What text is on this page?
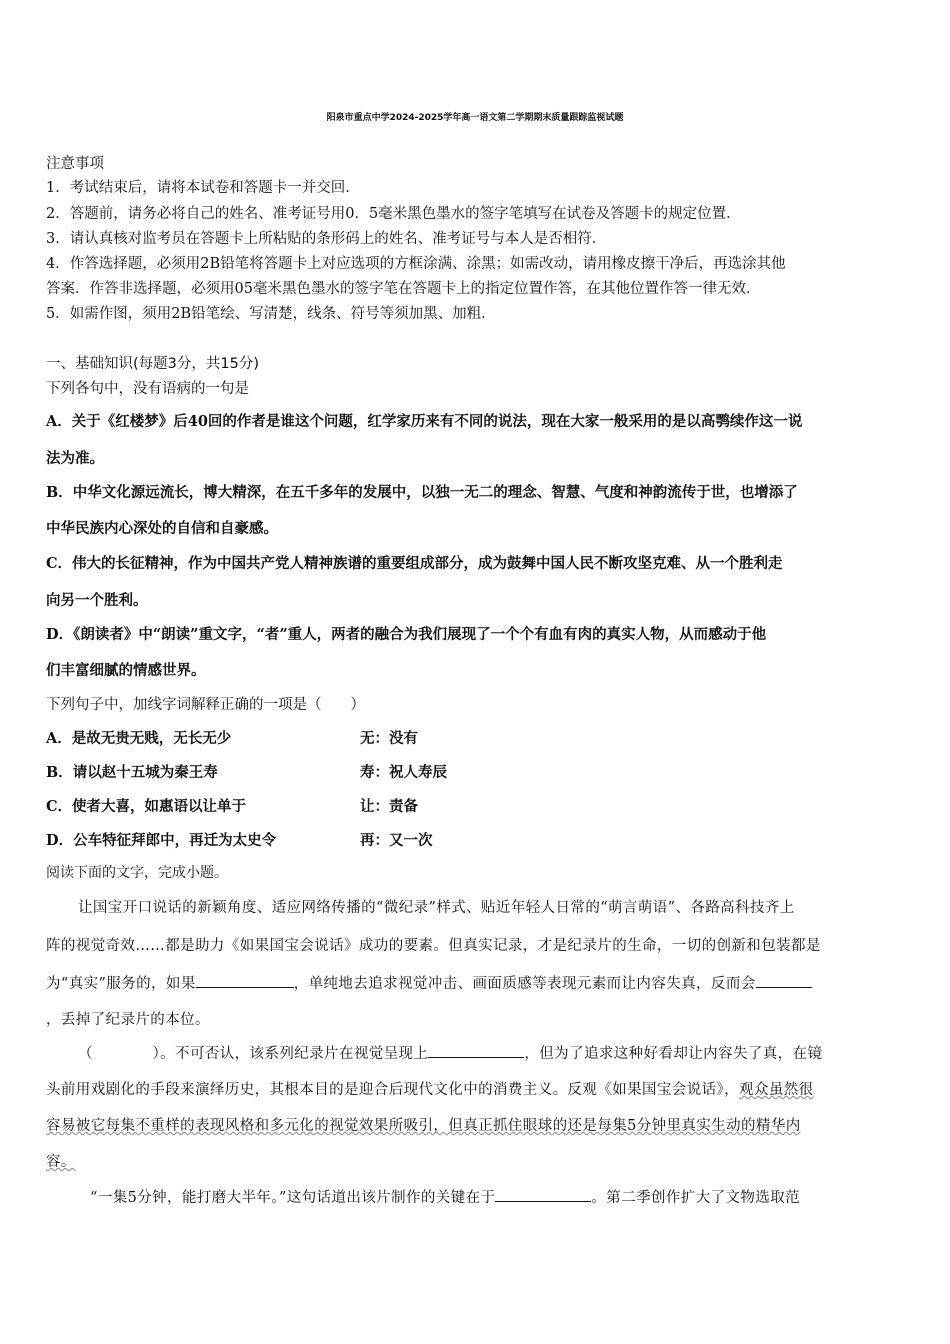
阳泉市重点中学2024-2025学年高一语文第二学期期末质量跟踪监视试题
注意事项
1．考试结束后，请将本试卷和答题卡一并交回．
2．答题前，请务必将自己的姓名、准考证号用0．5毫米黑色墨水的签字笔填写在试卷及答题卡的规定位置．
3．请认真核对监考员在答题卡上所粘贴的条形码上的姓名、准考证号与本人是否相符．
4．作答选择题，必须用2B铅笔将答题卡上对应选项的方框涂满、涂黑；如需改动，请用橡皮擦干净后，再选涂其他
答案．作答非选择题，必须用05毫米黑色墨水的签字笔在答题卡上的指定位置作答，在其他位置作答一律无效．
5．如需作图，须用2B铅笔绘、写清楚，线条、符号等须加黑、加粗．
一、基础知识(每题3分，共15分)
下列各句中，没有语病的一句是
A．关于《红楼梦》后40回的作者是谁这个问题，红学家历来有不同的说法，现在大家一般采用的是以高鹗续作这一说
法为准。
B．中华文化源远流长，博大精深，在五千多年的发展中，以独一无二的理念、智慧、气度和神韵流传于世，也增添了
中华民族内心深处的自信和自豪感。
C．伟大的长征精神，作为中国共产党人精神族谱的重要组成部分，成为鼓舞中国人民不断攻坚克难、从一个胜利走
向另一个胜利。
D．《朗读者》中“朗读”重文字，“者”重人，两者的融合为我们展现了一个个有血有肉的真实人物，从而感动于他
们丰富细腻的情感世界。
下列句子中，加线字词解释正确的一项是（　　）
A．是故无贵无贱，无长无少	无：没有
B．请以赵十五城为秦王寿	寿：祝人寿辰
C．使者大喜，如惠语以让单于	让：责备
D．公车特征拜郎中，再迁为太史令	再：又一次
阅读下面的文字，完成小题。
让国宝开口说话的新颖角度、适应网络传播的“微纪录”样式、贴近年轻人日常的“萌言萌语”、各路高科技齐上
阵的视觉奇效……都是助力《如果国宝会说话》成功的要素。但真实记录，才是纪录片的生命，一切的创新和包装都是
为“真实”服务的，如果	，单纯地去追求视觉冲击、画面质感等表现元素而让内容失真，反而会
，丢掉了纪录片的本位。
（　　　　）。不可否认，该系列纪录片在视觉呈现上	，但为了追求这种好看却让内容失了真，在镜
头前用戏剧化的手段来演绎历史，其根本目的是迎合后现代文化中的消费主义。反观《如果国宝会说话》，观众虽然很
容易被它每集不重样的表现风格和多元化的视觉效果所吸引，但真正抓住眼球的还是每集5分钟里真实生动的精华内
容。
“一集5分钟，能打磨大半年。”这句话道出该片制作的关键在于	。第二季创作扩大了文物选取范
